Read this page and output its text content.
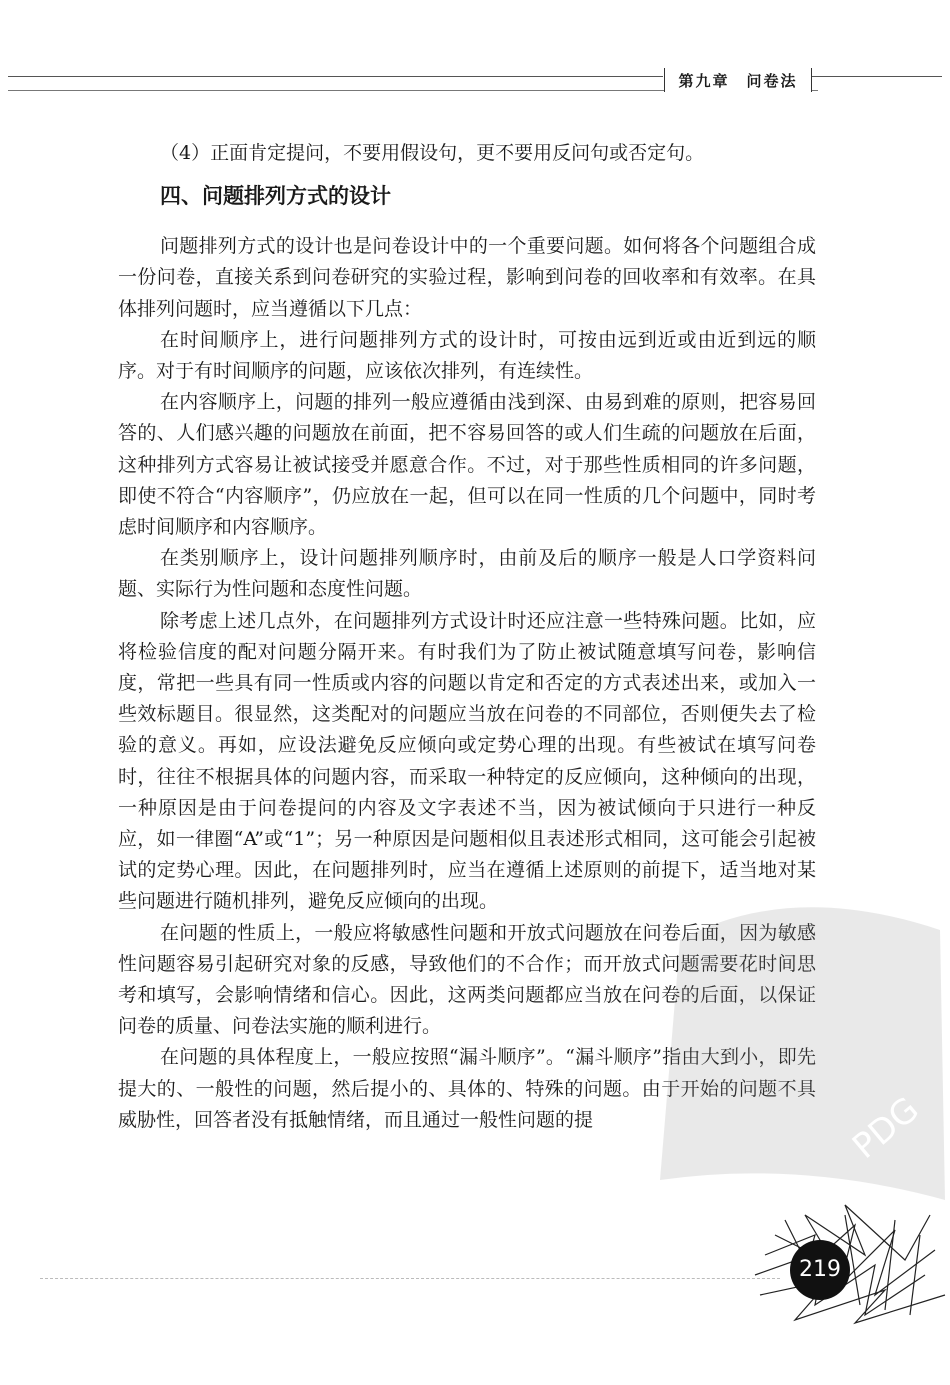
第九章　问卷法

（4）正面肯定提问，不要用假设句，更不要用反问句或否定句。

四、问题排列方式的设计

问题排列方式的设计也是问卷设计中的一个重要问题。如何将各个问题组合成一份问卷，直接关系到问卷研究的实验过程，影响到问卷的回收率和有效率。在具体排列问题时，应当遵循以下几点：

在时间顺序上，进行问题排列方式的设计时，可按由远到近或由近到远的顺序。对于有时间顺序的问题，应该依次排列，有连续性。

在内容顺序上，问题的排列一般应遵循由浅到深、由易到难的原则，把容易回答的、人们感兴趣的问题放在前面，把不容易回答的或人们生疏的问题放在后面，这种排列方式容易让被试接受并愿意合作。不过，对于那些性质相同的许多问题，即使不符合“内容顺序”，仍应放在一起，但可以在同一性质的几个问题中，同时考虑时间顺序和内容顺序。

在类别顺序上，设计问题排列顺序时，由前及后的顺序一般是人口学资料问题、实际行为性问题和态度性问题。

除考虑上述几点外，在问题排列方式设计时还应注意一些特殊问题。比如，应将检验信度的配对问题分隔开来。有时我们为了防止被试随意填写问卷，影响信度，常把一些具有同一性质或内容的问题以肯定和否定的方式表述出来，或加入一些效标题目。很显然，这类配对的问题应当放在问卷的不同部位，否则便失去了检验的意义。再如，应设法避免反应倾向或定势心理的出现。有些被试在填写问卷时，往往不根据具体的问题内容，而采取一种特定的反应倾向，这种倾向的出现，一种原因是由于问卷提问的内容及文字表述不当，因为被试倾向于只进行一种反应，如一律圈“A”或“1”；另一种原因是问题相似且表述形式相同，这可能会引起被试的定势心理。因此，在问题排列时，应当在遵循上述原则的前提下，适当地对某些问题进行随机排列，避免反应倾向的出现。

在问题的性质上，一般应将敏感性问题和开放式问题放在问卷后面，因为敏感性问题容易引起研究对象的反感，导致他们的不合作；而开放式问题需要花时间思考和填写，会影响情绪和信心。因此，这两类问题都应当放在问卷的后面，以保证问卷的质量、问卷法实施的顺利进行。

在问题的具体程度上，一般应按照“漏斗顺序”。“漏斗顺序”指由大到小，即先提大的、一般性的问题，然后提小的、具体的、特殊的问题。由于开始的问题不具威胁性，回答者没有抵触情绪，而且通过一般性问题的提	PDG
219
